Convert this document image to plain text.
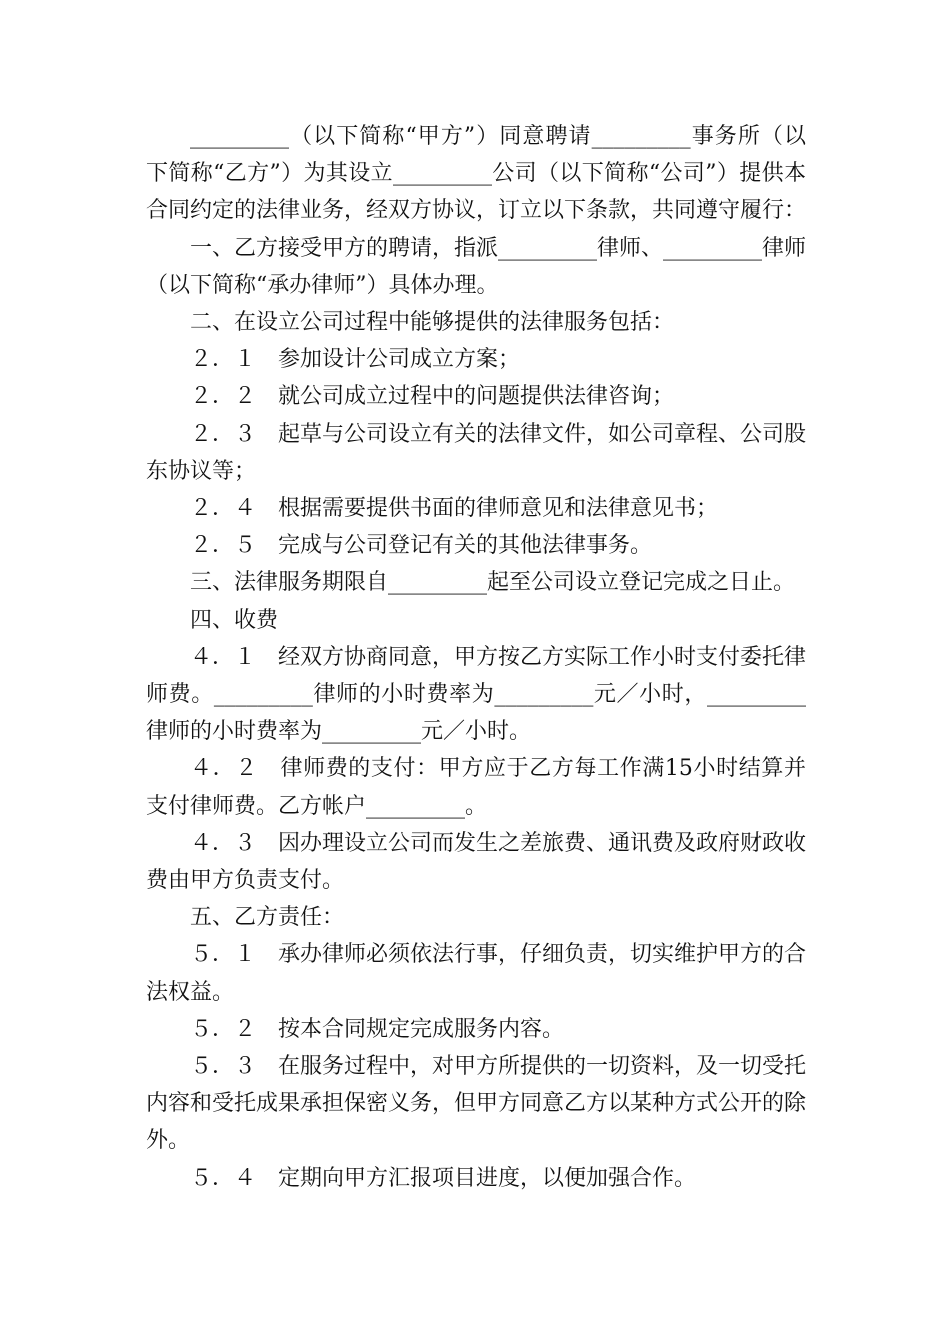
_________（以下简称“甲方”）同意聘请_________事务所（以下简称“乙方”）为其设立_________公司（以下简称“公司”）提供本合同约定的法律业务，经双方协议，订立以下条款，共同遵守履行：

一、乙方接受甲方的聘请，指派_________律师、_________律师（以下简称“承办律师”）具体办理。

二、在设立公司过程中能够提供的法律服务包括：

２．１　参加设计公司成立方案；

２．２　就公司成立过程中的问题提供法律咨询；

２．３　起草与公司设立有关的法律文件，如公司章程、公司股东协议等；

２．４　根据需要提供书面的律师意见和法律意见书；

２．５　完成与公司登记有关的其他法律事务。

三、法律服务期限自_________起至公司设立登记完成之日止。

四、收费

４．１　经双方协商同意，甲方按乙方实际工作小时支付委托律师费。_________律师的小时费率为_________元／小时，_________律师的小时费率为_________元／小时。

４．２　律师费的支付：甲方应于乙方每工作满15小时结算并支付律师费。乙方帐户_________。

４．３　因办理设立公司而发生之差旅费、通讯费及政府财政收费由甲方负责支付。

五、乙方责任：

５．１　承办律师必须依法行事，仔细负责，切实维护甲方的合法权益。

５．２　按本合同规定完成服务内容。

５．３　在服务过程中，对甲方所提供的一切资料，及一切受托内容和受托成果承担保密义务，但甲方同意乙方以某种方式公开的除外。

５．４　定期向甲方汇报项目进度，以便加强合作。
